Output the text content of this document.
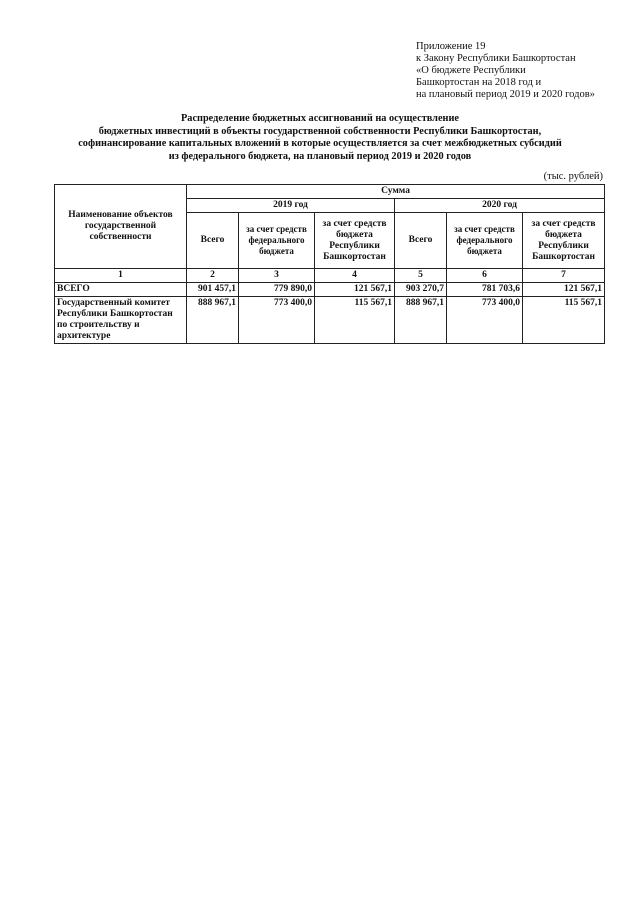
Приложение 19
к Закону Республики Башкортостан
«О бюджете Республики
Башкортостан на 2018 год и
на плановый период 2019 и 2020 годов»
Распределение бюджетных ассигнований на осуществление
бюджетных инвестиций в объекты государственной собственности Республики Башкортостан,
софинансирование капитальных вложений в которые осуществляется за счет межбюджетных субсидий
из федерального бюджета, на плановый период 2019 и 2020 годов
(тыс. рублей)
Наименование объектов государственной собственности	Сумма					
	2019 год			2020 год		
	Всего	за счет средств федерального бюджета	за счет средств бюджета Республики Башкортостан	Всего	за счет средств федерального бюджета	за счет средств бюджета Республики Башкортостан
1	2	3	4	5	6	7
ВСЕГО	901 457,1	779 890,0	121 567,1	903 270,7	781 703,6	121 567,1
Государственный комитет Республики Башкортостан по строительству и архитектуре	888 967,1	773 400,0	115 567,1	888 967,1	773 400,0	115 567,1
